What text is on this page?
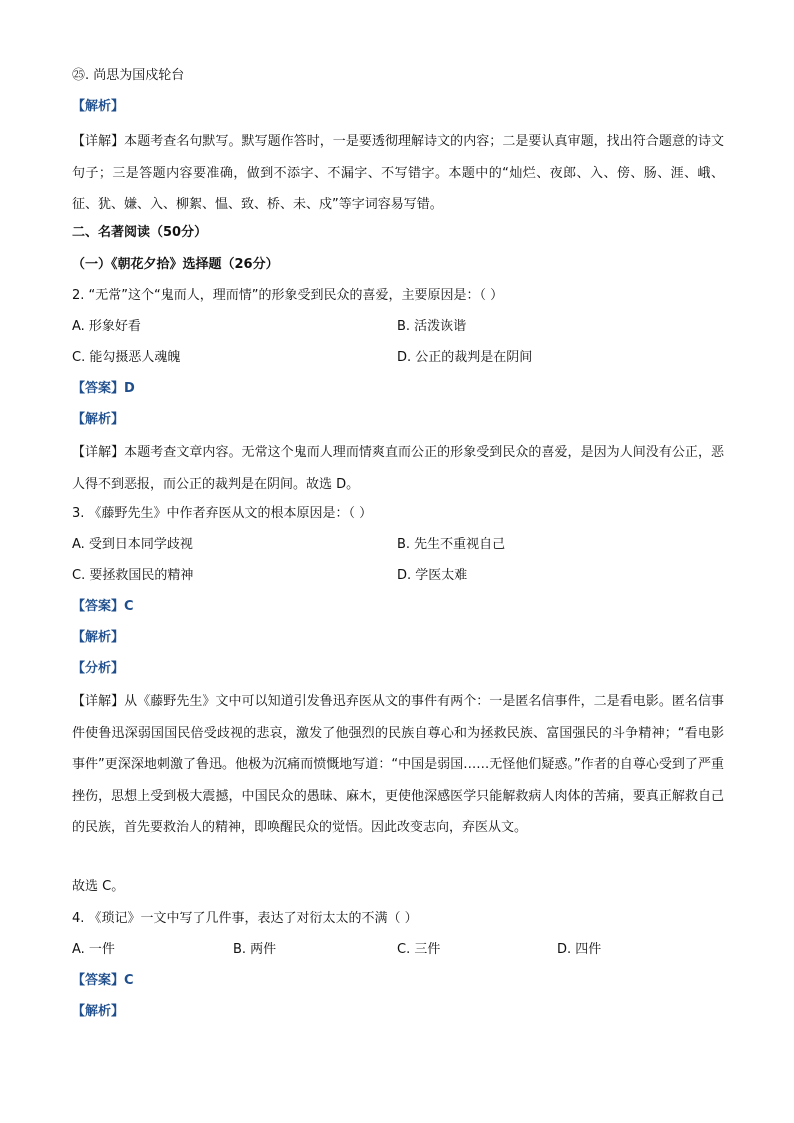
㉕. 尚思为国戍轮台
【解析】
【详解】本题考查名句默写。默写题作答时，一是要透彻理解诗文的内容；二是要认真审题，找出符合题意的诗文句子；三是答题内容要准确，做到不添字、不漏字、不写错字。本题中的“灿烂、夜郎、入、傍、肠、涯、峨、征、犹、嫌、入、柳絮、愠、致、桥、未、戍”等字词容易写错。
二、名著阅读（50分）
（一）《朝花夕拾》选择题（26分）
2. “无常”这个“鬼而人，理而情”的形象受到民众的喜爱，主要原因是：（ ）
A. 形象好看	B. 活泼诙谐
C. 能勾摄恶人魂魄	D. 公正的裁判是在阴间
【答案】D
【解析】
【详解】本题考查文章内容。无常这个鬼而人理而情爽直而公正的形象受到民众的喜爱，是因为人间没有公正，恶人得不到恶报，而公正的裁判是在阴间。故选 D。
3. 《藤野先生》中作者弃医从文的根本原因是：（ ）
A. 受到日本同学歧视	B. 先生不重视自己
C. 要拯救国民的精神	D. 学医太难
【答案】C
【解析】
【分析】
【详解】从《藤野先生》文中可以知道引发鲁迅弃医从文的事件有两个：一是匿名信事件，二是看电影。匿名信事件使鲁迅深弱国国民倍受歧视的悲哀，激发了他强烈的民族自尊心和为拯救民族、富国强民的斗争精神；“看电影事件”更深深地刺激了鲁迅。他极为沉痛而愤慨地写道：“中国是弱国……无怪他们疑惑。”作者的自尊心受到了严重挫伤，思想上受到极大震撼，中国民众的愚昧、麻木，更使他深感医学只能解救病人肉体的苦痛，要真正解救自己的民族，首先要救治人的精神，即唤醒民众的觉悟。因此改变志向，弃医从文。
故选 C。
4. 《琐记》一文中写了几件事，表达了对衍太太的不满（ ）
A. 一件	B. 两件	C. 三件	D. 四件
【答案】C
【解析】
